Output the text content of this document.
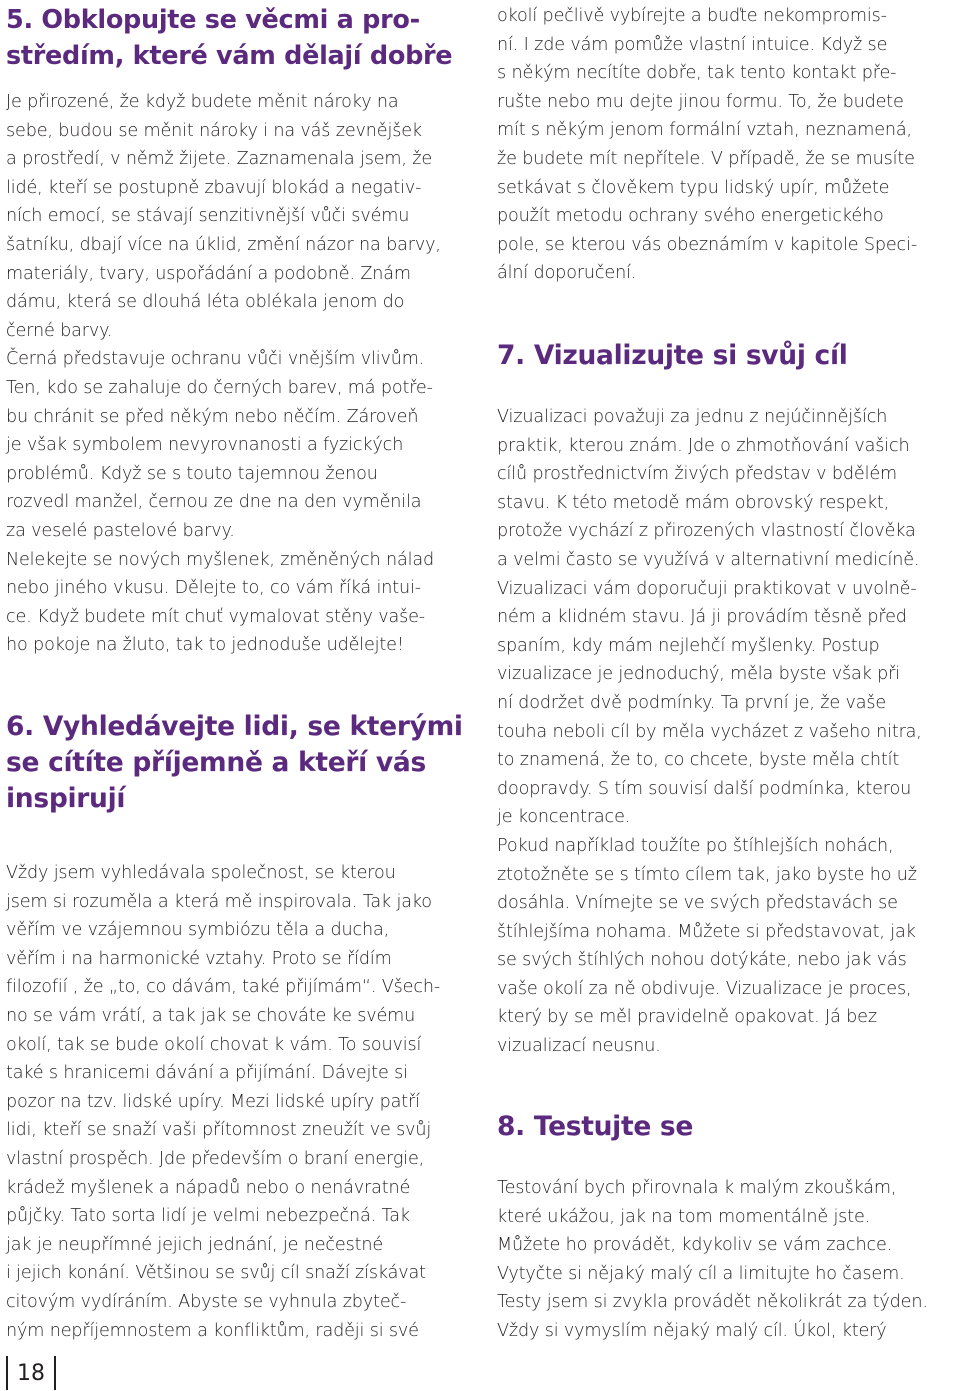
5. Obklopujte se věcmi a pro-
středím, které vám dělají dobře
Je přirozené, že když budete měnit nároky na
sebe, budou se měnit nároky i na váš zevnějšek
a prostředí, v němž žijete. Zaznamenala jsem, že
lidé, kteří se postupně zbavují blokád a negativ-
ních emocí, se stávají senzitivnější vůči svému
šatníku, dbají více na úklid, změní názor na barvy,
materiály, tvary, uspořádání a podobně. Znám
dámu, která se dlouhá léta oblékala jenom do
černé barvy.
Černá představuje ochranu vůči vnějším vlivům.
Ten, kdo se zahaluje do černých barev, má potře-
bu chránit se před někým nebo něčím. Zároveň
je však symbolem nevyrovnanosti a fyzických
problémů. Když se s touto tajemnou ženou
rozvedl manžel, černou ze dne na den vyměnila
za veselé pastelové barvy.
Nelekejte se nových myšlenek, změněných nálad
nebo jiného vkusu. Dělejte to, co vám říká intui-
ce. Když budete mít chuť vymalovat stěny vaše-
ho pokoje na žluto, tak to jednoduše udělejte!
6. Vyhledávejte lidi, se kterými
se cítíte příjemně a kteří vás
inspirují
Vždy jsem vyhledávala společnost, se kterou
jsem si rozuměla a která mě inspirovala. Tak jako
věřím ve vzájemnou symbiózu těla a ducha,
věřím i na harmonické vztahy. Proto se řídím
filozofií , že „to, co dávám, také přijímám“. Všech-
no se vám vrátí, a tak jak se chováte ke svému
okolí, tak se bude okolí chovat k vám. To souvisí
také s hranicemi dávání a přijímání. Dávejte si
pozor na tzv. lidské upíry. Mezi lidské upíry patří
lidi, kteří se snaží vaši přítomnost zneužít ve svůj
vlastní prospěch. Jde především o braní energie,
krádež myšlenek a nápadů nebo o nenávratné
půjčky. Tato sorta lidí je velmi nebezpečná. Tak
jak je neupřímné jejich jednání, je nečestné
i jejich konání. Většinou se svůj cíl snaží získávat
citovým vydíráním. Abyste se vyhnula zbyteč-
ným nepříjemnostem a konfliktům, raději si své
okolí pečlivě vybírejte a buďte nekompromis-
ní. I zde vám pomůže vlastní intuice. Když se
s někým necítíte dobře, tak tento kontakt pře-
rušte nebo mu dejte jinou formu. To, že budete
mít s někým jenom formální vztah, neznamená,
že budete mít nepřítele. V případě, že se musíte
setkávat s člověkem typu lidský upír, můžete
použít metodu ochrany svého energetického
pole, se kterou vás obeznámím v kapitole Speci-
ální doporučení.
7. Vizualizujte si svůj cíl
Vizualizaci považuji za jednu z nejúčinnějších
praktik, kterou znám. Jde o zhmotňování vašich
cílů prostřednictvím živých představ v bdělém
stavu. K této metodě mám obrovský respekt,
protože vychází z přirozených vlastností člověka
a velmi často se využívá v alternativní medicíně.
Vizualizaci vám doporučuji praktikovat v uvolně-
ném a klidném stavu. Já ji provádím těsně před
spaním, kdy mám nejlehčí myšlenky. Postup
vizualizace je jednoduchý, měla byste však při
ní dodržet dvě podmínky. Ta první je, že vaše
touha neboli cíl by měla vycházet z vašeho nitra,
to znamená, že to, co chcete, byste měla chtít
doopravdy. S tím souvisí další podmínka, kterou
je koncentrace.
Pokud například toužíte po štíhlejších nohách,
ztotožněte se s tímto cílem tak, jako byste ho už
dosáhla. Vnímejte se ve svých představách se
štíhlejšíma nohama. Můžete si představovat, jak
se svých štíhlých nohou dotýkáte, nebo jak vás
vaše okolí za ně obdivuje. Vizualizace je proces,
který by se měl pravidelně opakovat. Já bez
vizualizací neusnu.
8. Testujte se
Testování bych přirovnala k malým zkouškám,
které ukážou, jak na tom momentálně jste.
Můžete ho provádět, kdykoliv se vám zachce.
Vytyčte si nějaký malý cíl a limitujte ho časem.
Testy jsem si zvykla provádět několikrát za týden.
Vždy si vymyslím nějaký malý cíl. Úkol, který
18
